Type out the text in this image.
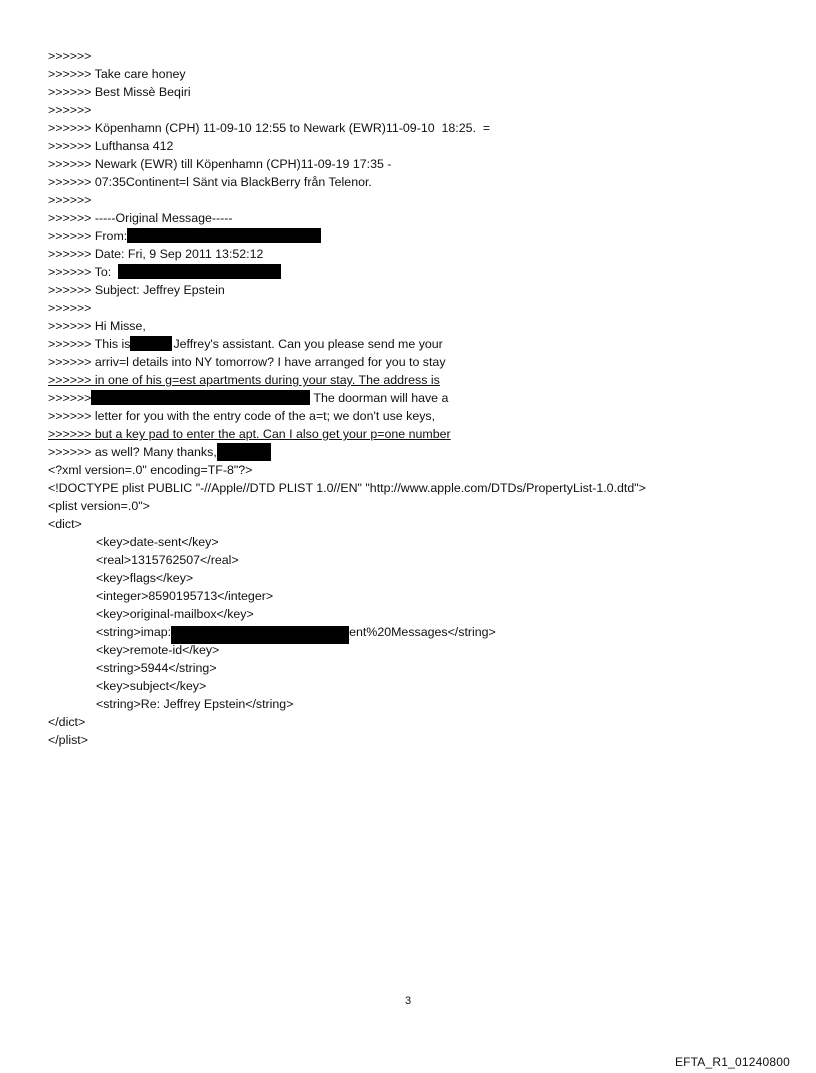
>>>>>>
>>>>>> Take care honey
>>>>>> Best Missè Beqiri
>>>>>>
>>>>>> Köpenhamn (CPH) 11-09-10 12:55 to Newark (EWR)11-09-10  18:25.  =
>>>>>> Lufthansa 412
>>>>>> Newark (EWR) till Köpenhamn (CPH)11-09-19 17:35 -
>>>>>> 07:35Continent=l Sänt via BlackBerry från Telenor.
>>>>>>
>>>>>> -----Original Message-----
>>>>>> From:
>>>>>> Date: Fri, 9 Sep 2011 13:52:12
>>>>>> To:
>>>>>> Subject: Jeffrey Epstein
>>>>>>
>>>>>> Hi Misse,
>>>>>> This is	Jeffrey's assistant. Can you please send me your
>>>>>> arriv=l details into NY tomorrow? I have arranged for you to stay
>>>>>> in one of his g=est apartments during your stay. The address is
>>>>>>	The doorman will have a
>>>>>> letter for you with the entry code of the a=t; we don't use keys,
>>>>>> but a key pad to enter the apt. Can I also get your p=one number
>>>>>> as well? Many thanks,
<?xml version=.0" encoding=TF-8"?>
<!DOCTYPE plist PUBLIC "-//Apple//DTD PLIST 1.0//EN" "http://www.apple.com/DTDs/PropertyList-1.0.dtd">
<plist version=.0">
<dict>
<key>date-sent</key>
<real>1315762507</real>
<key>flags</key>
<integer>8590195713</integer>
<key>original-mailbox</key>
<string>imap:	ent%20Messages</string>
<key>remote-id</key>
<string>5944</string>
<key>subject</key>
<string>Re: Jeffrey Epstein</string>
</dict>
</plist>
3
EFTA_R1_01240800
